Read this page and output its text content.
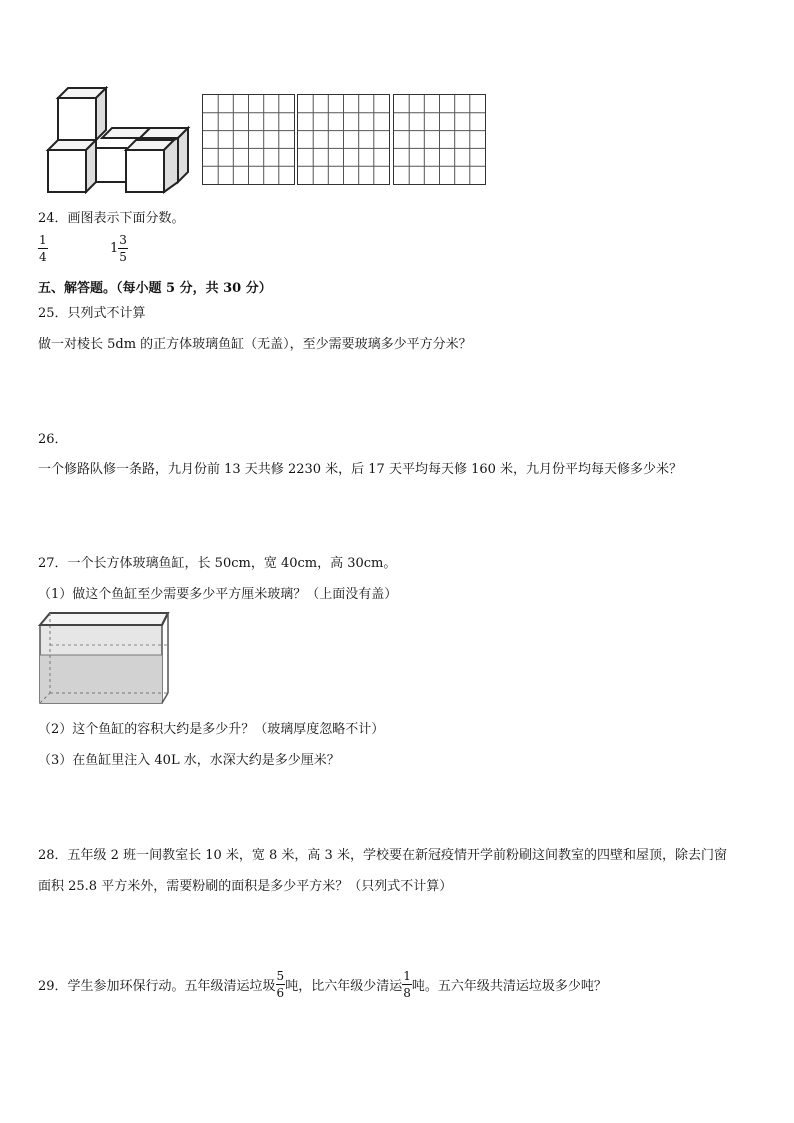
24．画图表示下面分数。
$\frac{1}{4}$	$1 \frac{3}{5}$
五、解答题。（每小题 5 分，共 30 分）
25．只列式不计算
做一对棱长 5dm 的正方体玻璃鱼缸（无盖），至少需要玻璃多少平方分米？
26．
一个修路队修一条路，九月份前 13 天共修 2230 米，后 17 天平均每天修 160 米，九月份平均每天修多少米？
27．一个长方体玻璃鱼缸，长 50cm，宽 40cm，高 30cm。
（1）做这个鱼缸至少需要多少平方厘米玻璃？（上面没有盖）
（2）这个鱼缸的容积大约是多少升？（玻璃厚度忽略不计）
（3）在鱼缸里注入 40L 水，水深大约是多少厘米？
28．五年级 2 班一间教室长 10 米，宽 8 米，高 3 米，学校要在新冠疫情开学前粉刷这间教室的四壁和屋顶，除去门窗
面积 25.8 平方米外，需要粉刷的面积是多少平方米？（只列式不计算）
29．学生参加环保行动。五年级清运垃圾 $\frac{5}{6}$ 吨，比六年级少清运 $\frac{1}{8}$ 吨。五六年级共清运垃圾多少吨？
